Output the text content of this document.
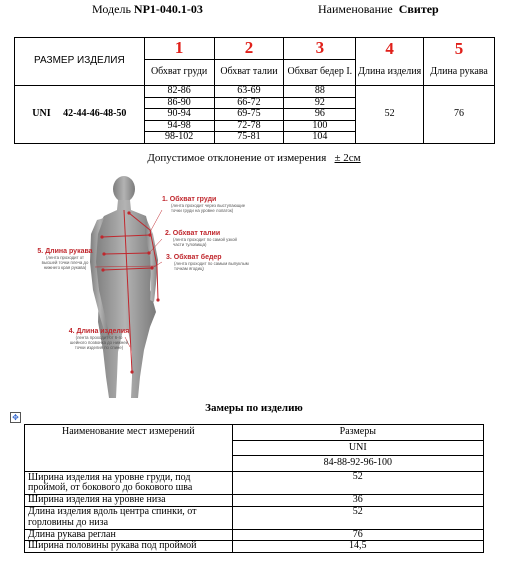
Модель NP1-040.1-03	Наименование Свитер
РАЗМЕР ИЗДЕЛИЯ	1	2	3	4	5
	Обхват груди	Обхват талии	Обхват бедер I.	Длина изделия	Длина рукава
UNI 42-44-46-48-50	82-86	63-69	88	52	76
	86-90	66-72	92		
	90-94	69-75	96		
	94-98	72-78	100		
	98-102	75-81	104		
Допустимое отклонение от измерения ± 2см
1. Обхват груди
(лента проходит через выступающие
точки груди на уровне лопаток)
2. Обхват талии
(лента проходит по самой узкой
части туловища)
3. Обхват бедер
(лента проходит по самым выпуклым
точкам ягодиц)
5. Длина рукава
(лента проходит от
высшей точки плеча до
нижнего края рукава)
4. Длина изделия
(лента проходит от 6-го
шейного позвонка до нижней
точки изделия по спине)
Замеры по изделию
✥
Наименование мест измерений	Размеры
	UNI
	84-88-92-96-100
Ширина изделия на уровне груди, под проймой, от бокового до бокового шва	52
Ширина изделия на уровне низа	36
Длина изделия вдоль центра спинки, от горловины до низа	52
Длина рукава реглан	76
Ширина половины рукава под проймой	14,5
